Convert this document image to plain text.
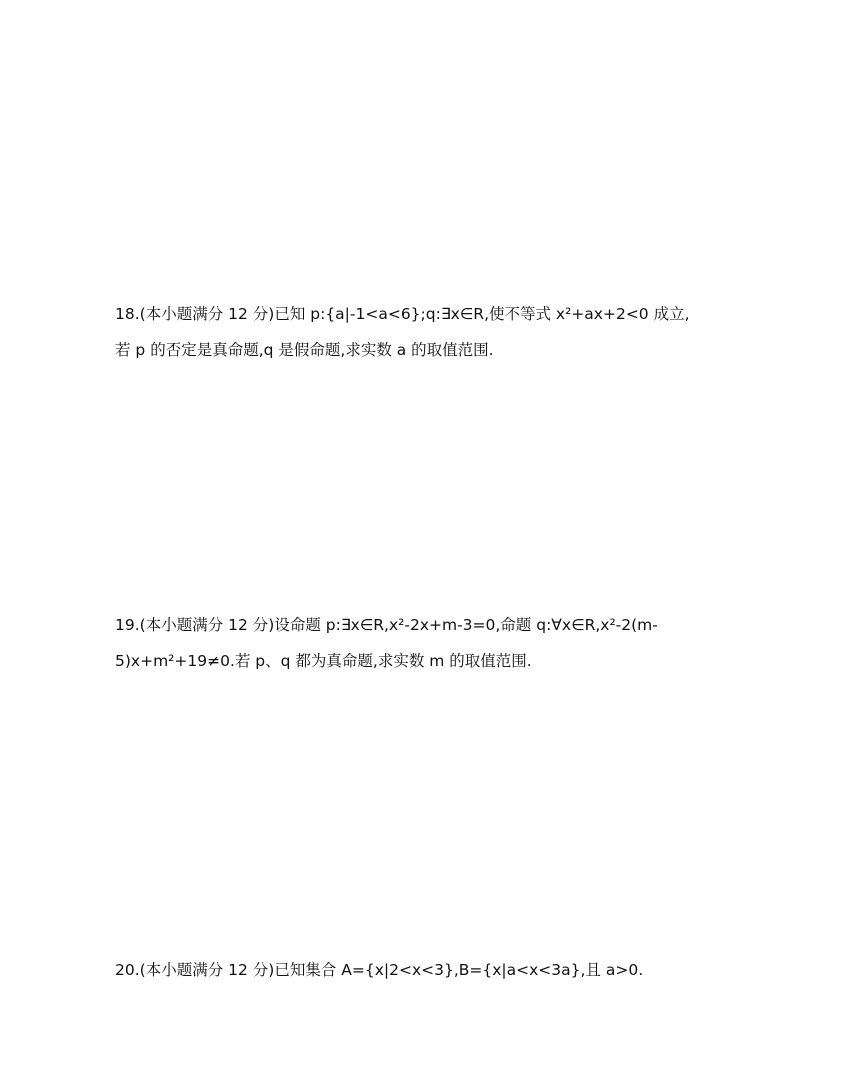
18.(本小题满分 12 分)已知 p:{a|-1<a<6};q:∃x∈R,使不等式 x²+ax+2<0 成立,
若 p 的否定是真命题,q 是假命题,求实数 a 的取值范围.
19.(本小题满分 12 分)设命题 p:∃x∈R,x²-2x+m-3=0,命题 q:∀x∈R,x²-2(m-
5)x+m²+19≠0.若 p、q 都为真命题,求实数 m 的取值范围.
20.(本小题满分 12 分)已知集合 A={x|2<x<3},B={x|a<x<3a},且 a>0.
